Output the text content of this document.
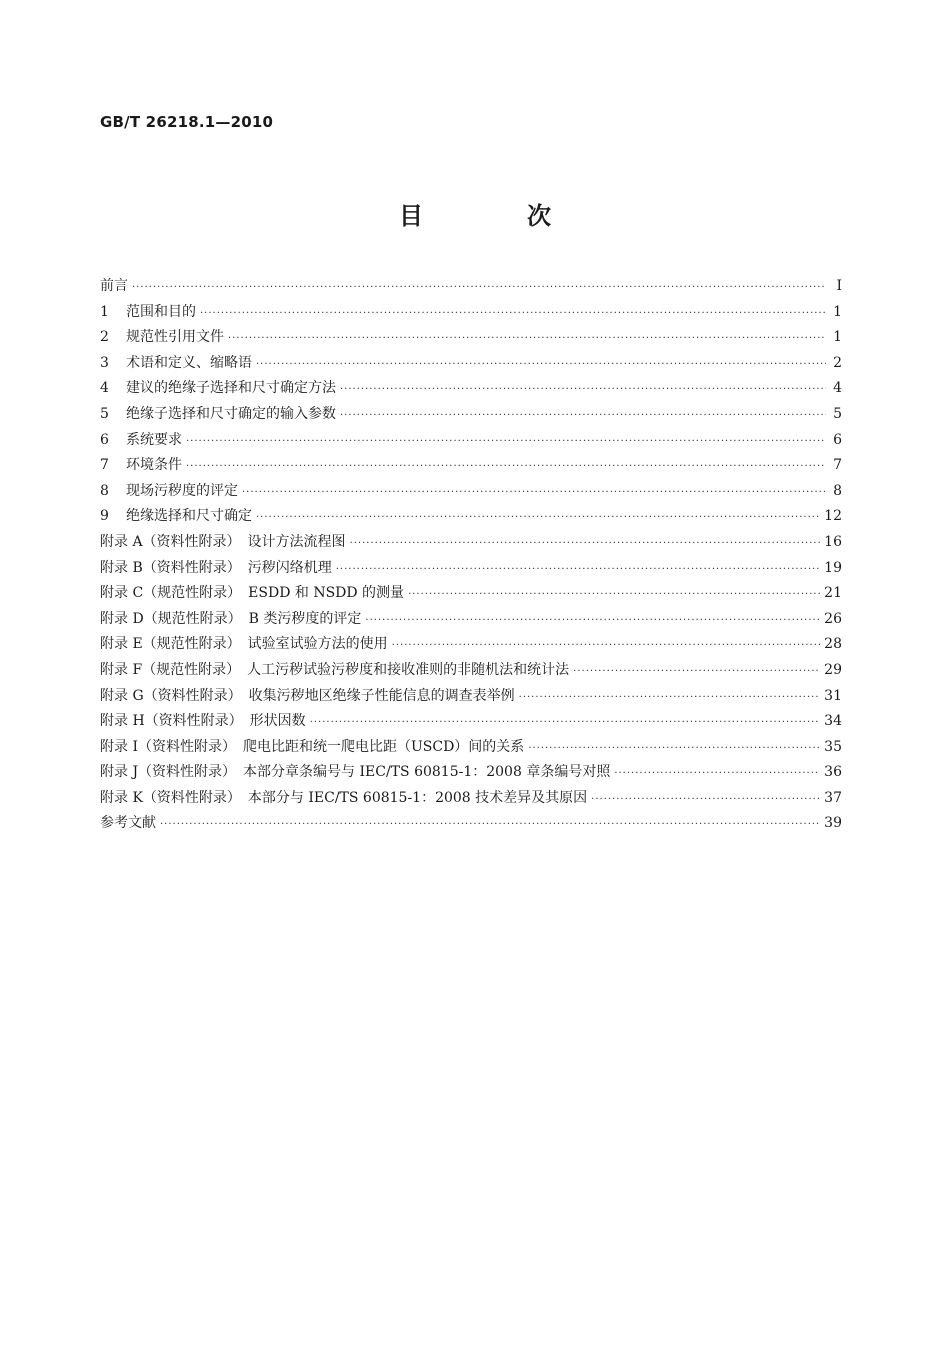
GB/T 26218.1—2010
目　次
前言 ·····	Ⅰ
1	范围和目的 ·····	1
2	规范性引用文件 ·····	1
3	术语和定义、缩略语 ·····	2
4	建议的绝缘子选择和尺寸确定方法 ·····	4
5	绝缘子选择和尺寸确定的输入参数 ·····	5
6	系统要求 ·····	6
7	环境条件 ·····	7
8	现场污秽度的评定 ·····	8
9	绝缘选择和尺寸确定 ·····	12
附录 A（资料性附录）　设计方法流程图 ·····	16
附录 B（资料性附录）　污秽闪络机理 ·····	19
附录 C（规范性附录）　ESDD 和 NSDD 的测量 ·····	21
附录 D（规范性附录）　B 类污秽度的评定 ·····	26
附录 E（规范性附录）　试验室试验方法的使用 ·····	28
附录 F（规范性附录）　人工污秽试验污秽度和接收准则的非随机法和统计法 ·····	29
附录 G（资料性附录）　收集污秽地区绝缘子性能信息的调查表举例 ·····	31
附录 H（资料性附录）　形状因数 ·····	34
附录 I（资料性附录）　爬电比距和统一爬电比距（USCD）间的关系 ·····	35
附录 J（资料性附录）　本部分章条编号与 IEC/TS 60815-1：2008 章条编号对照 ·····	36
附录 K（资料性附录）　本部分与 IEC/TS 60815-1：2008 技术差异及其原因 ·····	37
参考文献 ·····	39
